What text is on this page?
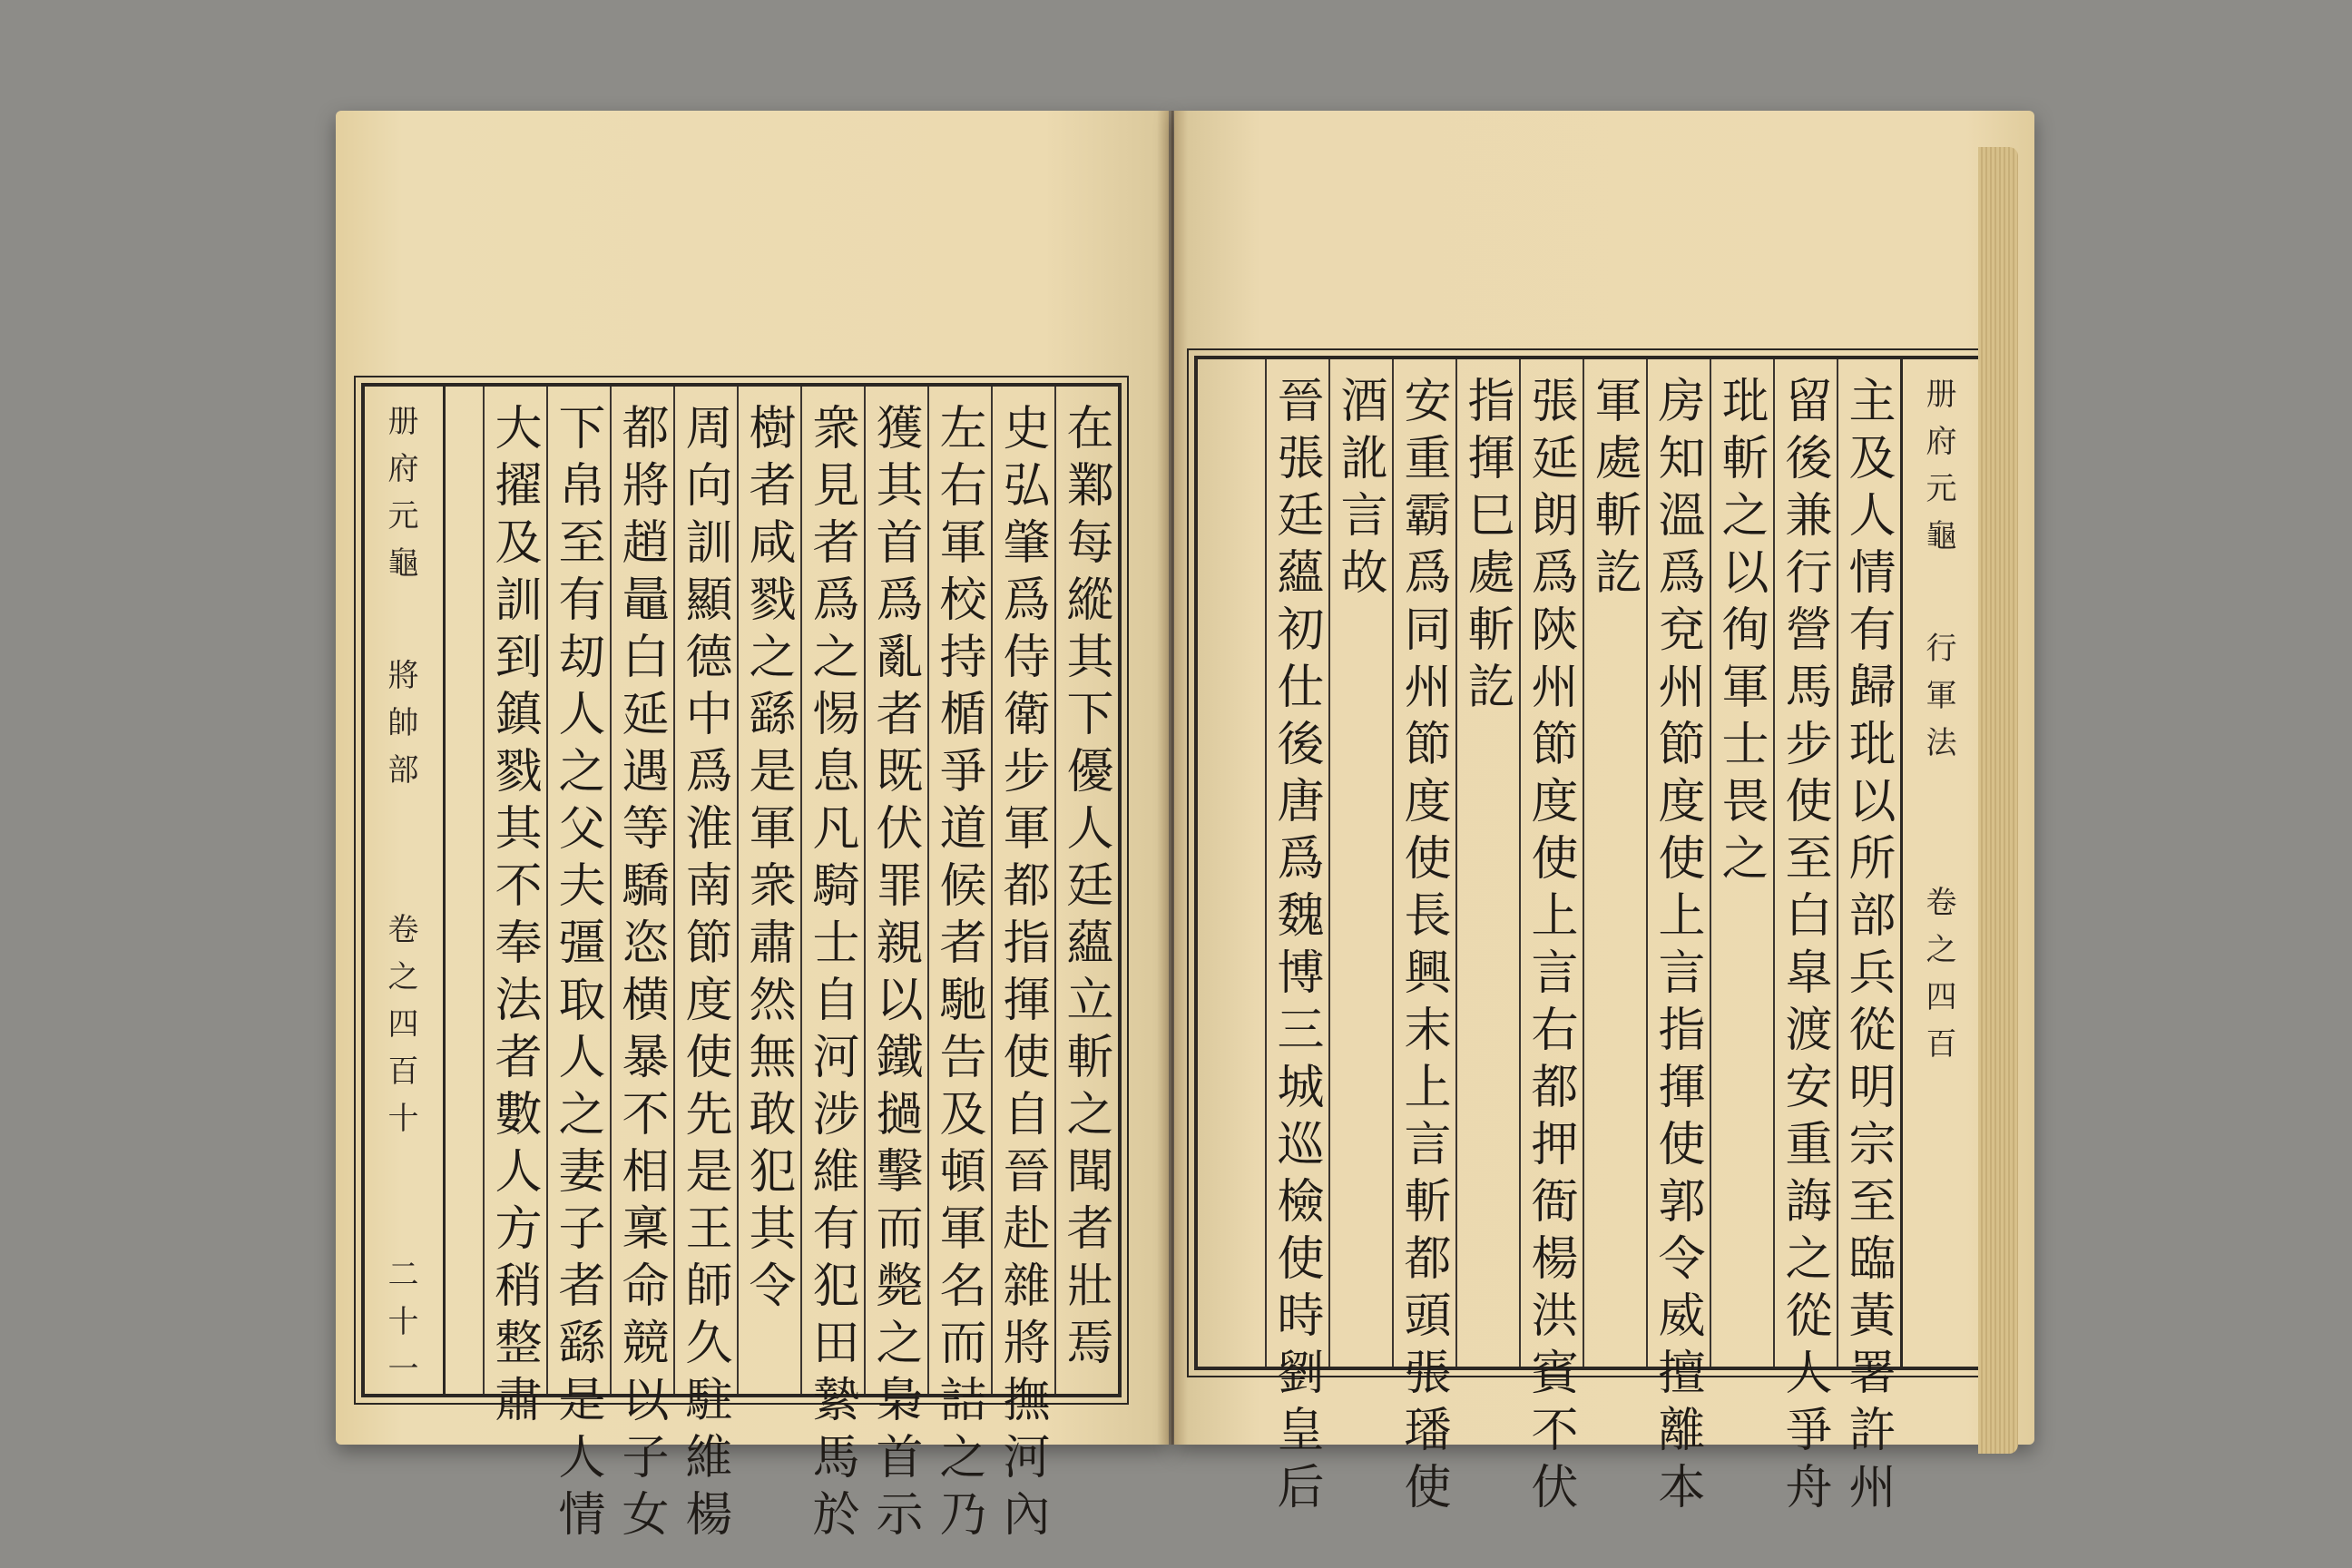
册府元龜
將帥部
卷之四百十
二十一	在鄴每縱其下優人廷蘊立斬之聞者壯焉
史弘肇爲侍衛步軍都指揮使自晉赴雜將撫河內
左右軍校持楯爭道候者馳告及頓軍名而詰之乃
獲其首爲亂者既伏罪親以鐵撾擊而斃之梟首示
衆見者爲之惕息凡騎士自河涉維有犯田縶馬於
樹者咸戮之繇是軍衆肅然無敢犯其令
周向訓顯德中爲淮南節度使先是王師久駐維楊
都將趙鼂白延遇等驕恣横暴不相稟命競以子女
下帛至有刧人之父夫彊取人之妻子者繇是人情
大擢及訓到鎮戮其不奉法者數人方稍整肅	册府元龜
行軍法
卷之四百
主及人情有歸玭以所部兵從明宗至臨黃署許州
留後兼行營馬步使至白皐渡安重誨之從人爭舟
玭斬之以徇軍士畏之
房知溫爲兗州節度使上言指揮使郭令威擅離本
軍處斬訖
張延朗爲陝州節度使上言右都押衙楊洪賓不伏
指揮巳處斬訖
安重霸爲同州節度使長興末上言斬都頭張璠使
酒訛言故
晉張廷蘊初仕後唐爲魏博三城巡檢使時劉皇后
